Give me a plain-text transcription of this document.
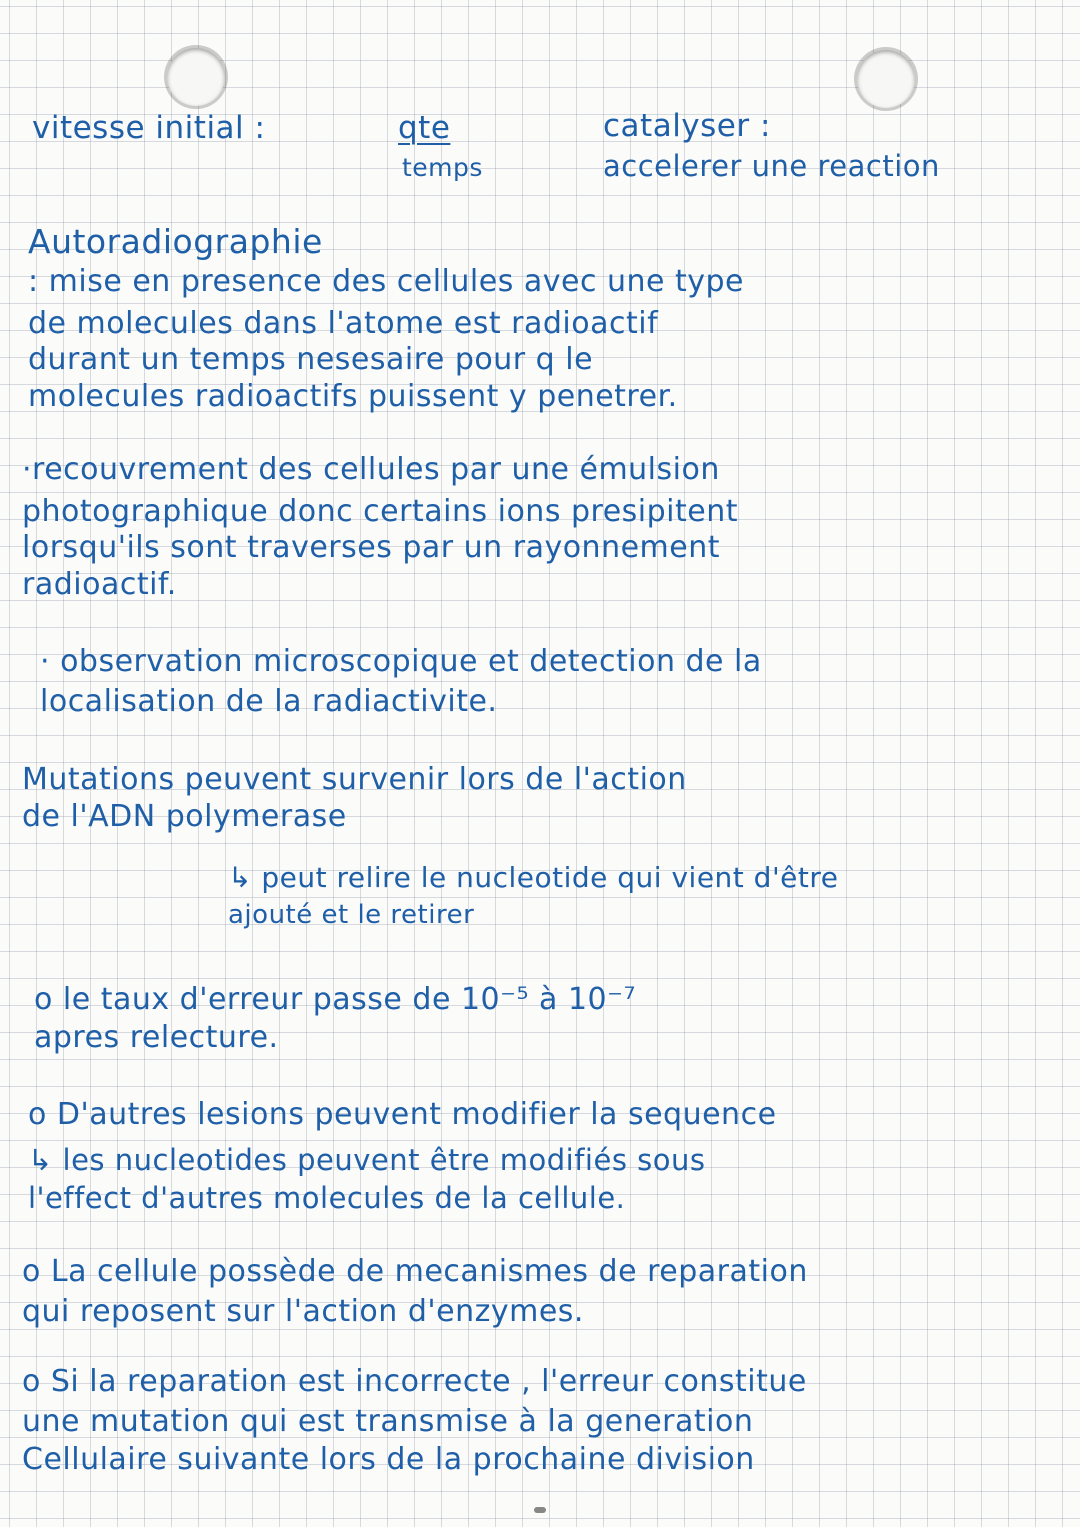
vitesse initial :	qte

temps

catalyser :

accelerer une reaction

Autoradiographie

: mise en presence des cellules avec une type

de molecules dans l'atome est radioactif

durant un temps nesesaire pour q le

molecules radioactifs puissent y penetrer.

·recouvrement des cellules par une émulsion

photographique donc certains ions presipitent

lorsqu'ils sont traverses par un rayonnement

radioactif.

· observation microscopique et detection de la

localisation de la radiactivite.

Mutations peuvent survenir lors de l'action

de l'ADN polymerase

↳ peut relire le nucleotide qui vient d'être

ajouté et le retirer

o le taux d'erreur passe de 10⁻⁵ à 10⁻⁷

apres relecture.

o D'autres lesions peuvent modifier la sequence

↳ les nucleotides peuvent être modifiés sous

l'effect d'autres molecules de la cellule.

o La cellule possède de mecanismes de reparation

qui reposent sur l'action d'enzymes.

o Si la reparation est incorrecte , l'erreur constitue

une mutation qui est transmise à la generation

Cellulaire suivante lors de la prochaine division
